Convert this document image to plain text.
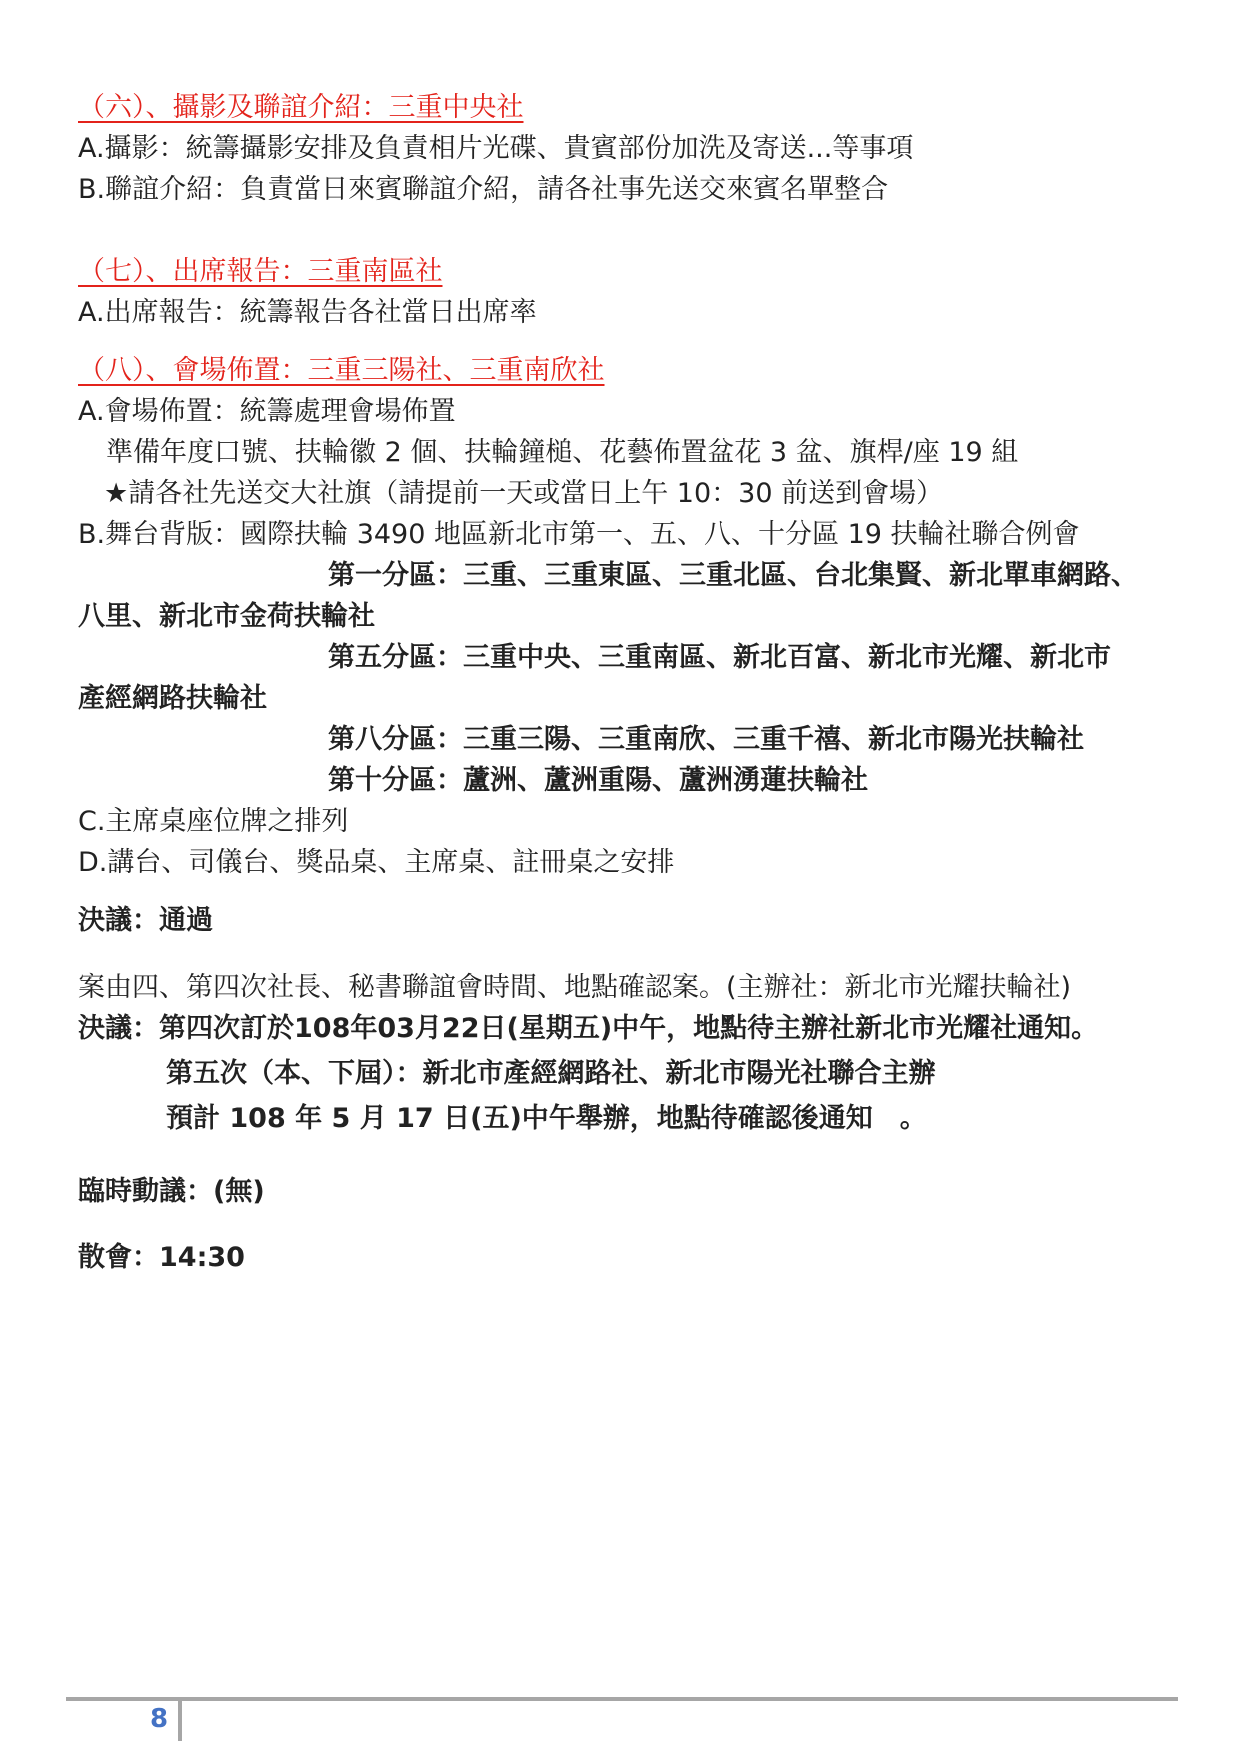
（六）、攝影及聯誼介紹：三重中央社
A.攝影：統籌攝影安排及負責相片光碟、貴賓部份加洗及寄送...等事項
B.聯誼介紹：負責當日來賓聯誼介紹，請各社事先送交來賓名單整合
（七）、出席報告：三重南區社
A.出席報告：統籌報告各社當日出席率
（八）、會場佈置：三重三陽社、三重南欣社
A.會場佈置：統籌處理會場佈置
準備年度口號、扶輪徽 2 個、扶輪鐘槌、花藝佈置盆花 3 盆、旗桿/座 19 組
★請各社先送交大社旗（請提前一天或當日上午 10：30 前送到會場）
B.舞台背版：國際扶輪 3490 地區新北市第一、五、八、十分區 19 扶輪社聯合例會
第一分區：三重、三重東區、三重北區、台北集賢、新北單車網路、
八里、新北市金荷扶輪社
第五分區：三重中央、三重南區、新北百富、新北市光耀、新北市
產經網路扶輪社
第八分區：三重三陽、三重南欣、三重千禧、新北市陽光扶輪社
第十分區：蘆洲、蘆洲重陽、蘆洲湧蓮扶輪社
C.主席桌座位牌之排列
D.講台、司儀台、獎品桌、主席桌、註冊桌之安排
決議：通過
案由四、第四次社長、秘書聯誼會時間、地點確認案。(主辦社：新北市光耀扶輪社)
決議：第四次訂於108年03月22日(星期五)中午，地點待主辦社新北市光耀社通知。
第五次（本、下屆）：新北市產經網路社、新北市陽光社聯合主辦
預計 108 年 5 月 17 日(五)中午舉辦，地點待確認後通知　。
臨時動議：(無)
散會：14:30
8
